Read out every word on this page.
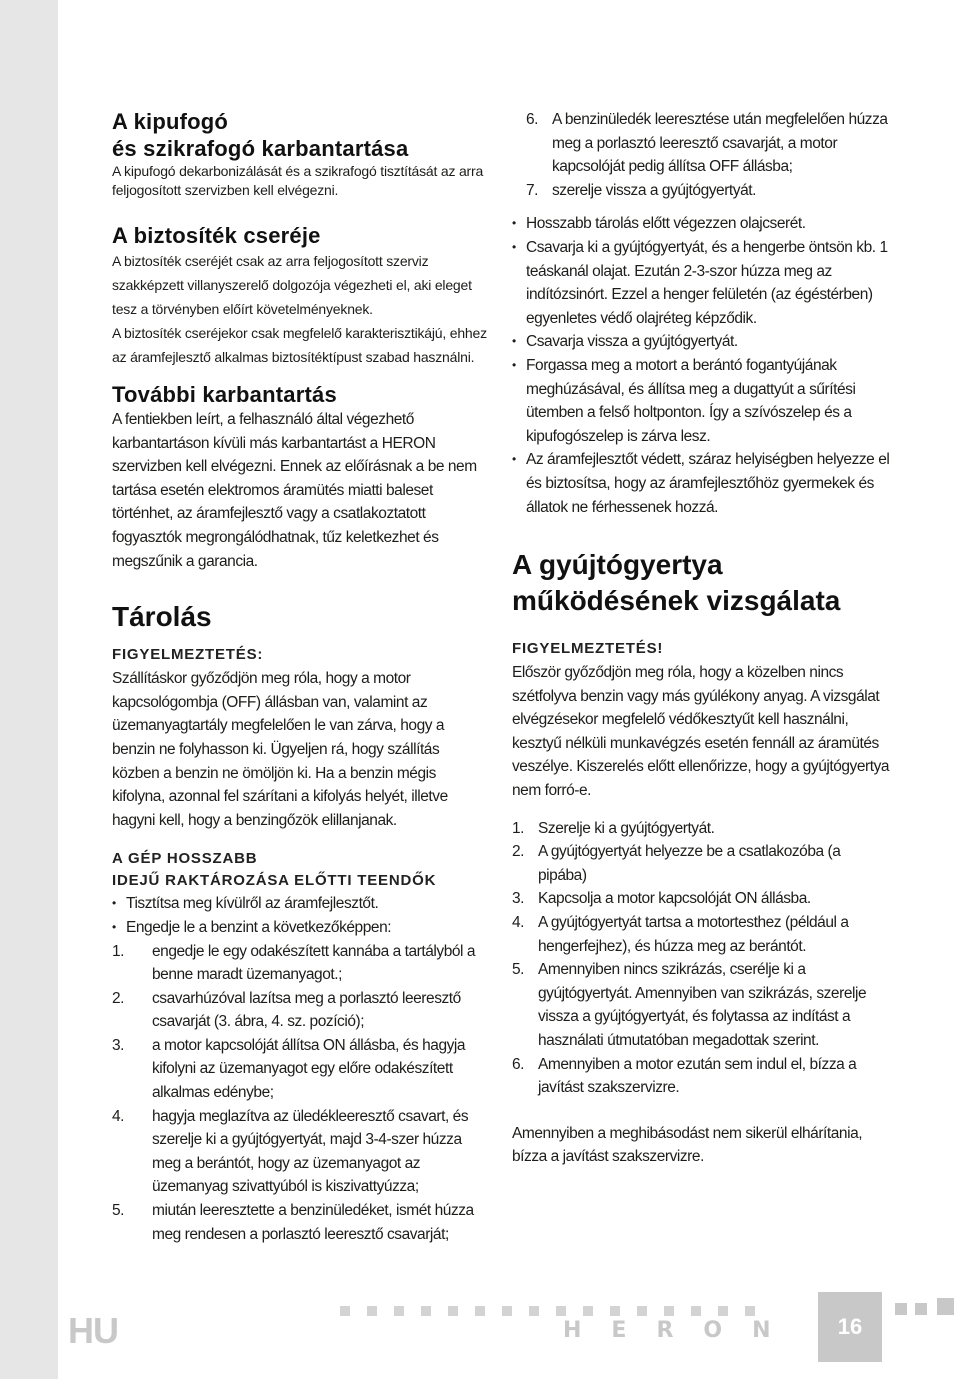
A kipufogó
és szikrafogó karbantartása

A kipufogó dekarbonizálását és a szikrafogó tisztítását az arra feljogosított szervizben kell elvégezni.

A biztosíték cseréje

A biztosíték cseréjét csak az arra feljogosított szerviz szakképzett villanyszerelő dolgozója végezheti el, aki eleget tesz a törvényben előírt követelményeknek.

A biztosíték cseréjekor csak megfelelő karakterisztikájú, ehhez az áramfejlesztő alkalmas biztosítéktípust szabad használni.

További karbantartás

A fentiekben leírt, a felhasználó által végezhető karbantartáson kívüli más karbantartást a HERON szervizben kell elvégezni. Ennek az előírásnak a be nem tartása esetén elektromos áramütés miatti baleset történhet, az áramfejlesztő vagy a csatlakoztatott fogyasztók megrongálódhatnak, tűz keletkezhet és megszűnik a garancia.

Tárolás

FIGYELMEZTETÉS:

Szállításkor győződjön meg róla, hogy a motor kapcsológombja (OFF) állásban van, valamint az üzemanyagtartály megfelelően le van zárva, hogy a benzin ne folyhasson ki. Ügyeljen rá, hogy szállítás közben a benzin ne ömöljön ki. Ha a benzin mégis kifolyna, azonnal fel szárítani a kifolyás helyét, illetve hagyni kell, hogy a benzingőzök elillanjanak.

A GÉP HOSSZABB

IDEJŰ RAKTÁROZÁSA ELŐTTI TEENDŐK

• Tisztítsa meg kívülről az áramfejlesztőt.
• Engedje le a benzint a következőképpen:
1.	engedje le egy odakészített kannába a tartályból a benne maradt üzemanyagot.;
2.	csavarhúzóval lazítsa meg a porlasztó leeresztő csavarját (3. ábra, 4. sz. pozíció);
3.	a motor kapcsolóját állítsa ON állásba, és hagyja kifolyni az üzemanyagot egy előre odakészített alkalmas edénybe;
4.	hagyja meglazítva az üledékleeresztő csavart, és szerelje ki a gyújtógyertyát, majd 3-4-szer húzza meg a berántót, hogy az üzemanyagot az üzemanyag szivattyúból is kiszivattyúzza;
5.	miután leeresztette a benzinüledéket, ismét húzza meg rendesen a porlasztó leeresztő csavarját;
6. A benzinüledék leeresztése után megfelelően húzza meg a porlasztó leeresztő csavarját, a motor kapcsolóját pedig állítsa OFF állásba;
7. szerelje vissza a gyújtógyertyát.
• Hosszabb tárolás előtt végezzen olajcserét.
• Csavarja ki a gyújtógyertyát, és a hengerbe öntsön kb. 1 teáskanál olajat. Ezután 2-3-szor húzza meg az indítózsinórt. Ezzel a henger felületén (az égéstérben) egyenletes védő olajréteg képződik.
• Csavarja vissza a gyújtógyertyát.
• Forgassa meg a motort a berántó fogantyújának meghúzásával, és állítsa meg a dugattyút a sűrítési ütemben a felső holtponton. Így a szívószelep és a kipufogószelep is zárva lesz.
• Az áramfejlesztőt védett, száraz helyiségben helyezze el és biztosítsa, hogy az áramfejlesztőhöz gyermekek és állatok ne férhessenek hozzá.
A gyújtógyertya
működésének vizsgálata

FIGYELMEZTETÉS!

Először győződjön meg róla, hogy a közelben nincs szétfolyva benzin vagy más gyúlékony anyag. A vizsgálat elvégzésekor megfelelő védőkesztyűt kell használni, kesztyű nélküli munkavégzés esetén fennáll az áramütés veszélye. Kiszerelés előtt ellenőrizze, hogy a gyújtógyertya nem forró-e.

1. Szerelje ki a gyújtógyertyát.
2. A gyújtógyertyát helyezze be a csatlakozóba (a pipába)
3. Kapcsolja a motor kapcsolóját ON állásba.
4. A gyújtógyertyát tartsa a motortesthez (például a hengerfejhez), és húzza meg az berántót.
5. Amennyiben nincs szikrázás, cserélje ki a gyújtógyertyát. Amennyiben van szikrázás, szerelje vissza a gyújtógyertyát, és folytassa az indítást a használati útmutatóban megadottak szerint.
6. Amennyiben a motor ezután sem indul el, bízza a javítást szakszervizre.

Amennyiben a meghibásodást nem sikerül elhárítania, bízza a javítást szakszervizre.

HU	HERON	16
